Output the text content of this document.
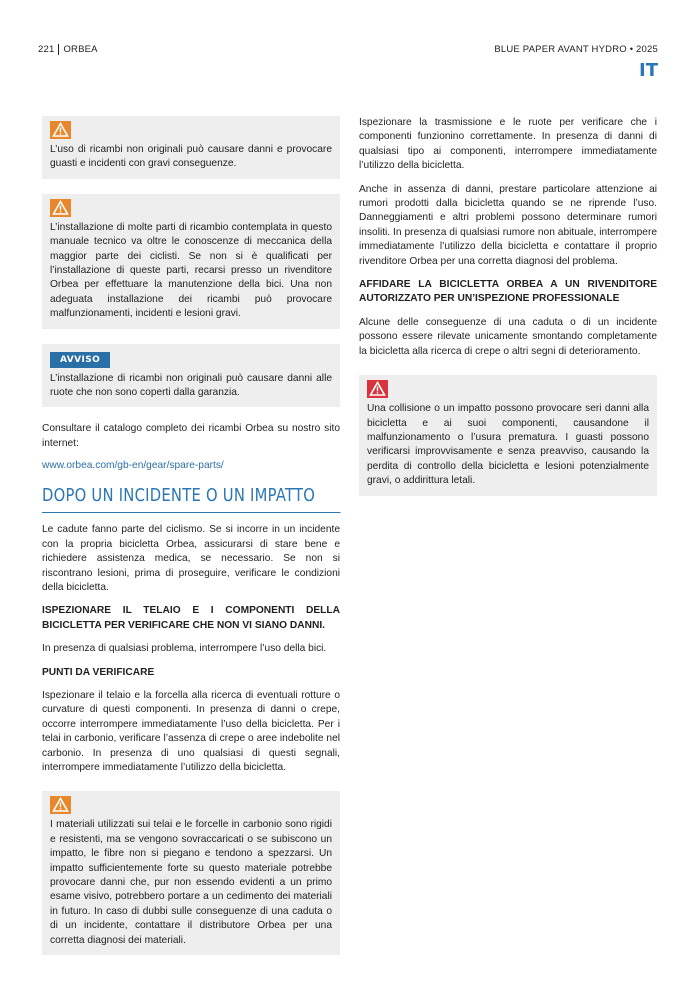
221 ORBEA	BLUE PAPER AVANT HYDRO • 2025
IT

L’uso di ricambi non originali può causare danni e provocare guasti e incidenti con gravi conseguenze.

L’installazione di molte parti di ricambio contemplata in questo manuale tecnico va oltre le conoscenze di meccanica della maggior parte dei ciclisti. Se non si è qualificati per l’installazione di queste parti, recarsi presso un rivenditore Orbea per effettuare la manutenzione della bici. Una non adeguata installazione dei ricambi può provocare malfunzionamenti, incidenti e lesioni gravi.

AVVISO

L’installazione di ricambi non originali può causare danni alle ruote che non sono coperti dalla garanzia.

Consultare il catalogo completo dei ricambi Orbea su nostro sito internet:

www.orbea.com/gb-en/gear/spare-parts/
DOPO UN INCIDENTE O UN IMPATTO

Le cadute fanno parte del ciclismo. Se si incorre in un incidente con la propria bicicletta Orbea, assicurarsi di stare bene e richiedere assistenza medica, se necessario. Se non si riscontrano lesioni, prima di proseguire, verificare le condizioni della bicicletta.

ISPEZIONARE IL TELAIO E I COMPONENTI DELLA BICICLETTA PER VERIFICARE CHE NON VI SIANO DANNI.

In presenza di qualsiasi problema, interrompere l’uso della bici.

PUNTI DA VERIFICARE

Ispezionare il telaio e la forcella alla ricerca di eventuali rotture o curvature di questi componenti. In presenza di danni o crepe, occorre interrompere immediatamente l’uso della bicicletta. Per i telai in carbonio, verificare l’assenza di crepe o aree indebolite nel carbonio. In presenza di uno qualsiasi di questi segnali, interrompere immediatamente l’utilizzo della bicicletta.

I materiali utilizzati sui telai e le forcelle in carbonio sono rigidi e resistenti, ma se vengono sovraccaricati o se subiscono un impatto, le fibre non si piegano e tendono a spezzarsi. Un impatto sufficientemente forte su questo materiale potrebbe provocare danni che, pur non essendo evidenti a un primo esame visivo, potrebbero portare a un cedimento dei materiali in futuro. In caso di dubbi sulle conseguenze di una caduta o di un incidente, contattare il distributore Orbea per una corretta diagnosi dei materiali.

Ispezionare la trasmissione e le ruote per verificare che i componenti funzionino correttamente. In presenza di danni di qualsiasi tipo ai componenti, interrompere immediatamente l’utilizzo della bicicletta.

Anche in assenza di danni, prestare particolare attenzione ai rumori prodotti dalla bicicletta quando se ne riprende l’uso. Danneggiamenti e altri problemi possono determinare rumori insoliti. In presenza di qualsiasi rumore non abituale, interrompere immediatamente l’utilizzo della bicicletta e contattare il proprio rivenditore Orbea per una corretta diagnosi del problema.

AFFIDARE LA BICICLETTA ORBEA A UN RIVENDITORE AUTORIZZATO PER UN’ISPEZIONE PROFESSIONALE

Alcune delle conseguenze di una caduta o di un incidente possono essere rilevate unicamente smontando completamente la bicicletta alla ricerca di crepe o altri segni di deterioramento.

Una collisione o un impatto possono provocare seri danni alla bicicletta e ai suoi componenti, causandone il malfunzionamento o l’usura prematura. I guasti possono verificarsi improvvisamente e senza preavviso, causando la perdita di controllo della bicicletta e lesioni potenzialmente gravi, o addirittura letali.
